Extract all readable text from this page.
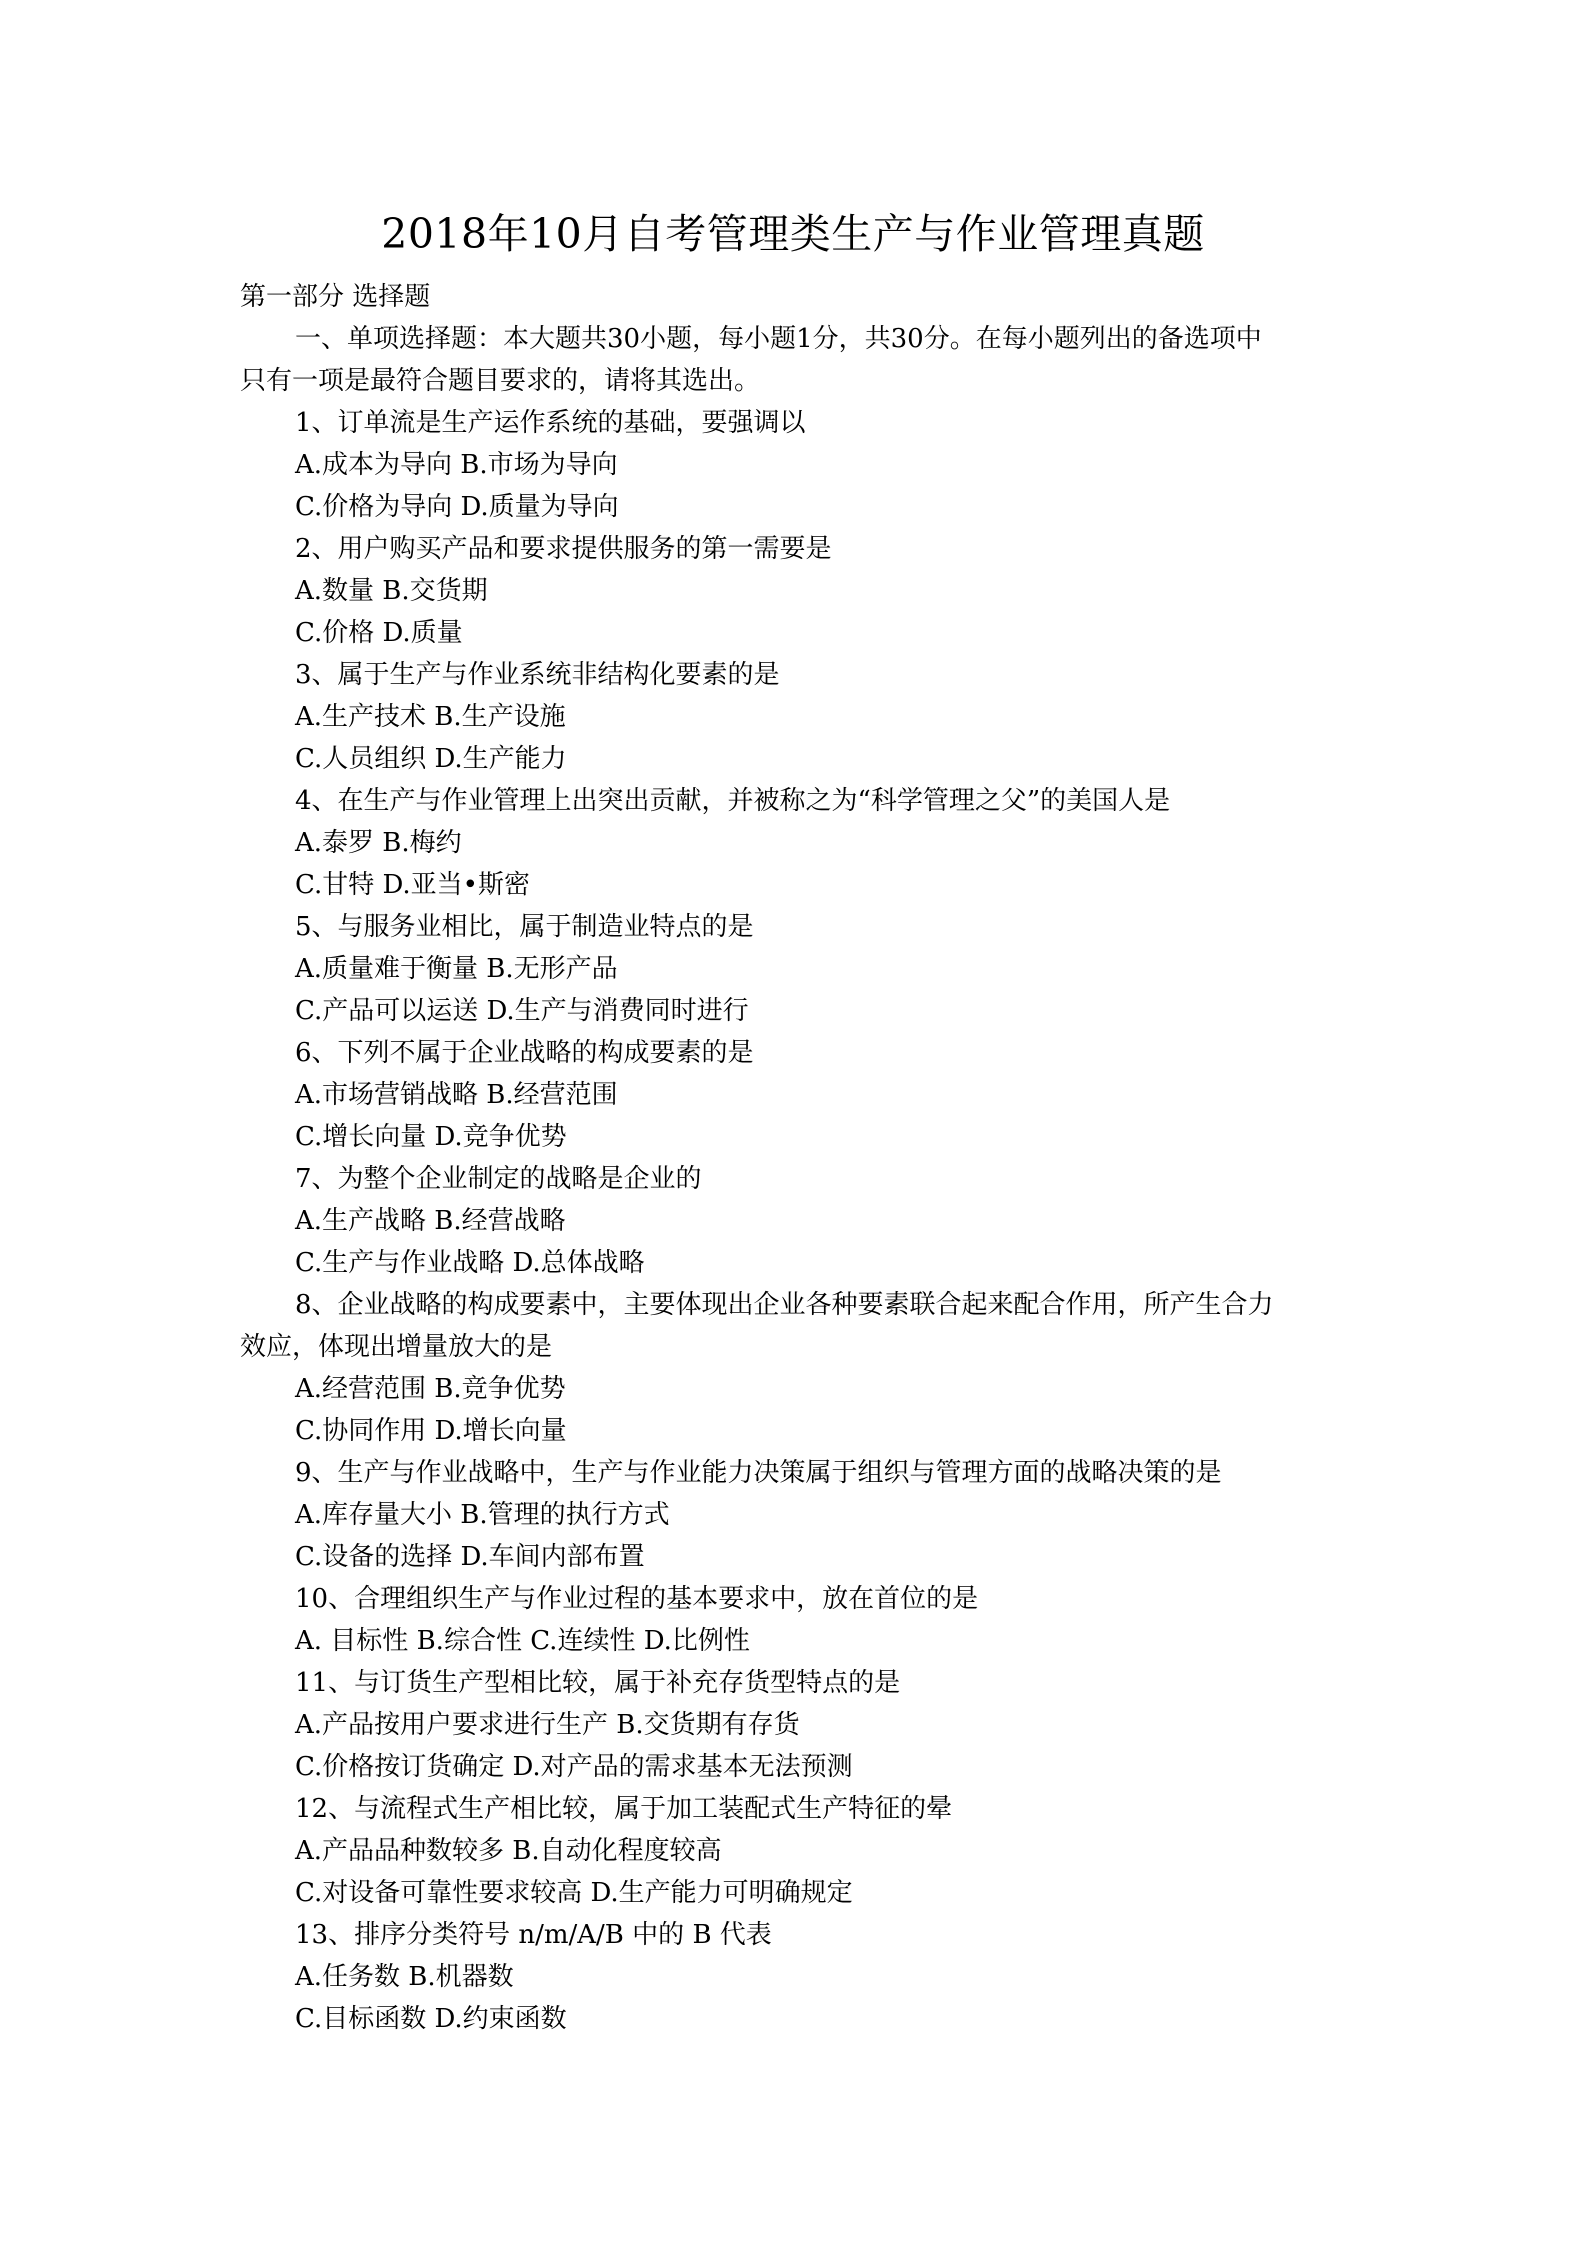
2018年10月自考管理类生产与作业管理真题
第一部分 选择题
一、单项选择题：本大题共30小题，每小题1分，共30分。在每小题列出的备选项中
只有一项是最符合题目要求的，请将其选出。
1、订单流是生产运作系统的基础，要强调以
A.成本为导向 B.市场为导向
C.价格为导向 D.质量为导向
2、用户购买产品和要求提供服务的第一需要是
A.数量 B.交货期
C.价格 D.质量
3、属于生产与作业系统非结构化要素的是
A.生产技术 B.生产设施
C.人员组织 D.生产能力
4、在生产与作业管理上出突出贡献，并被称之为“科学管理之父”的美国人是
A.泰罗 B.梅约
C.甘特 D.亚当•斯密
5、与服务业相比，属于制造业特点的是
A.质量难于衡量 B.无形产品
C.产品可以运送 D.生产与消费同时进行
6、下列不属于企业战略的构成要素的是
A.市场营销战略 B.经营范围
C.增长向量 D.竞争优势
7、为整个企业制定的战略是企业的
A.生产战略 B.经营战略
C.生产与作业战略 D.总体战略
8、企业战略的构成要素中，主要体现出企业各种要素联合起来配合作用，所产生合力
效应，体现出增量放大的是
A.经营范围 B.竞争优势
C.协同作用 D.增长向量
9、生产与作业战略中，生产与作业能力决策属于组织与管理方面的战略决策的是
A.库存量大小 B.管理的执行方式
C.设备的选择 D.车间内部布置
10、合理组织生产与作业过程的基本要求中，放在首位的是
A. 目标性 B.综合性 C.连续性 D.比例性
11、与订货生产型相比较，属于补充存货型特点的是
A.产品按用户要求进行生产 B.交货期有存货
C.价格按订货确定 D.对产品的需求基本无法预测
12、与流程式生产相比较，属于加工装配式生产特征的晕
A.产品品种数较多 B.自动化程度较高
C.对设备可靠性要求较高 D.生产能力可明确规定
13、排序分类符号 n/m/A/B 中的 B 代表
A.任务数 B.机器数
C.目标函数 D.约束函数
